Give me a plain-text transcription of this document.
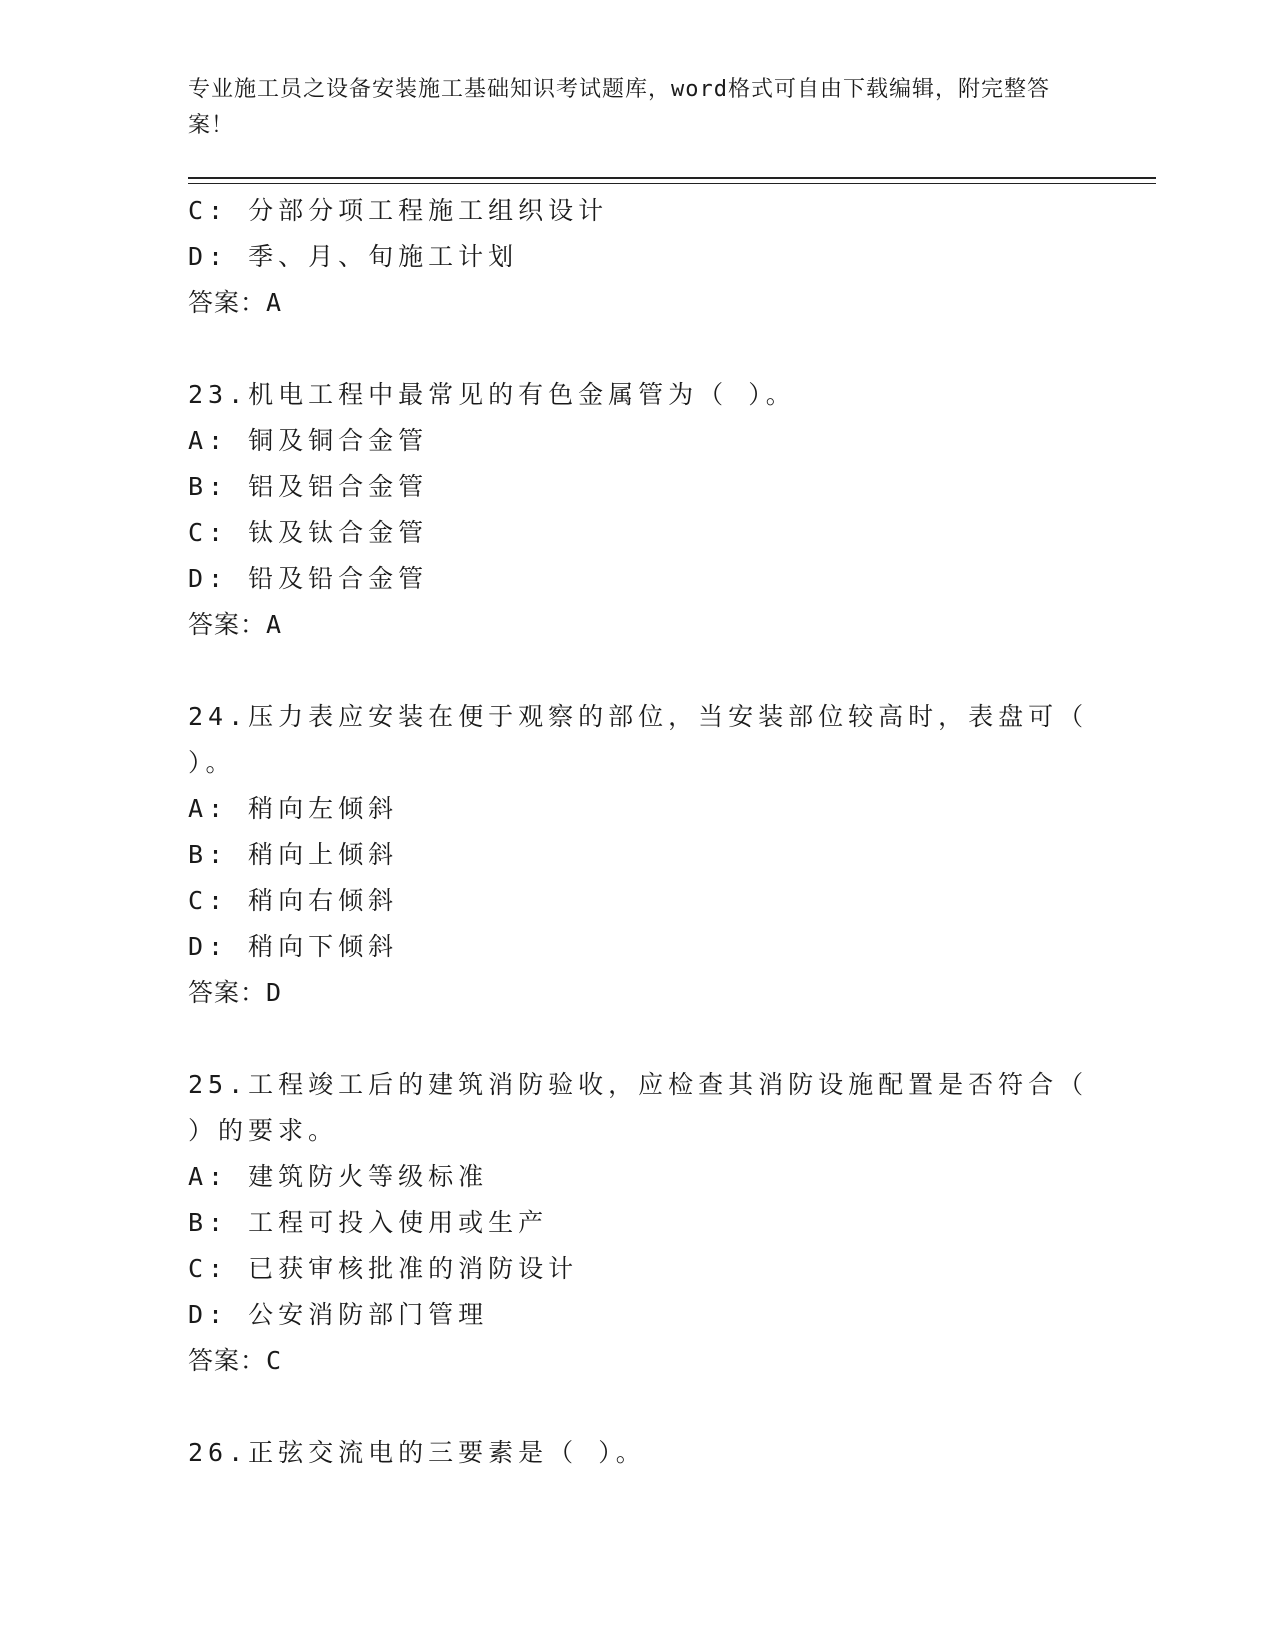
专业施工员之设备安装施工基础知识考试题库，word格式可自由下载编辑，附完整答案！
C: 分部分项工程施工组织设计
D: 季、月、旬施工计划
答案：A
23.机电工程中最常见的有色金属管为（ ）。
A: 铜及铜合金管
B: 铝及铝合金管
C: 钛及钛合金管
D: 铅及铅合金管
答案：A
24.压力表应安装在便于观察的部位，当安装部位较高时，表盘可（
）。
A: 稍向左倾斜
B: 稍向上倾斜
C: 稍向右倾斜
D: 稍向下倾斜
答案：D
25.工程竣工后的建筑消防验收，应检查其消防设施配置是否符合（
）的要求。
A: 建筑防火等级标准
B: 工程可投入使用或生产
C: 已获审核批准的消防设计
D: 公安消防部门管理
答案：C
26.正弦交流电的三要素是（ ）。
